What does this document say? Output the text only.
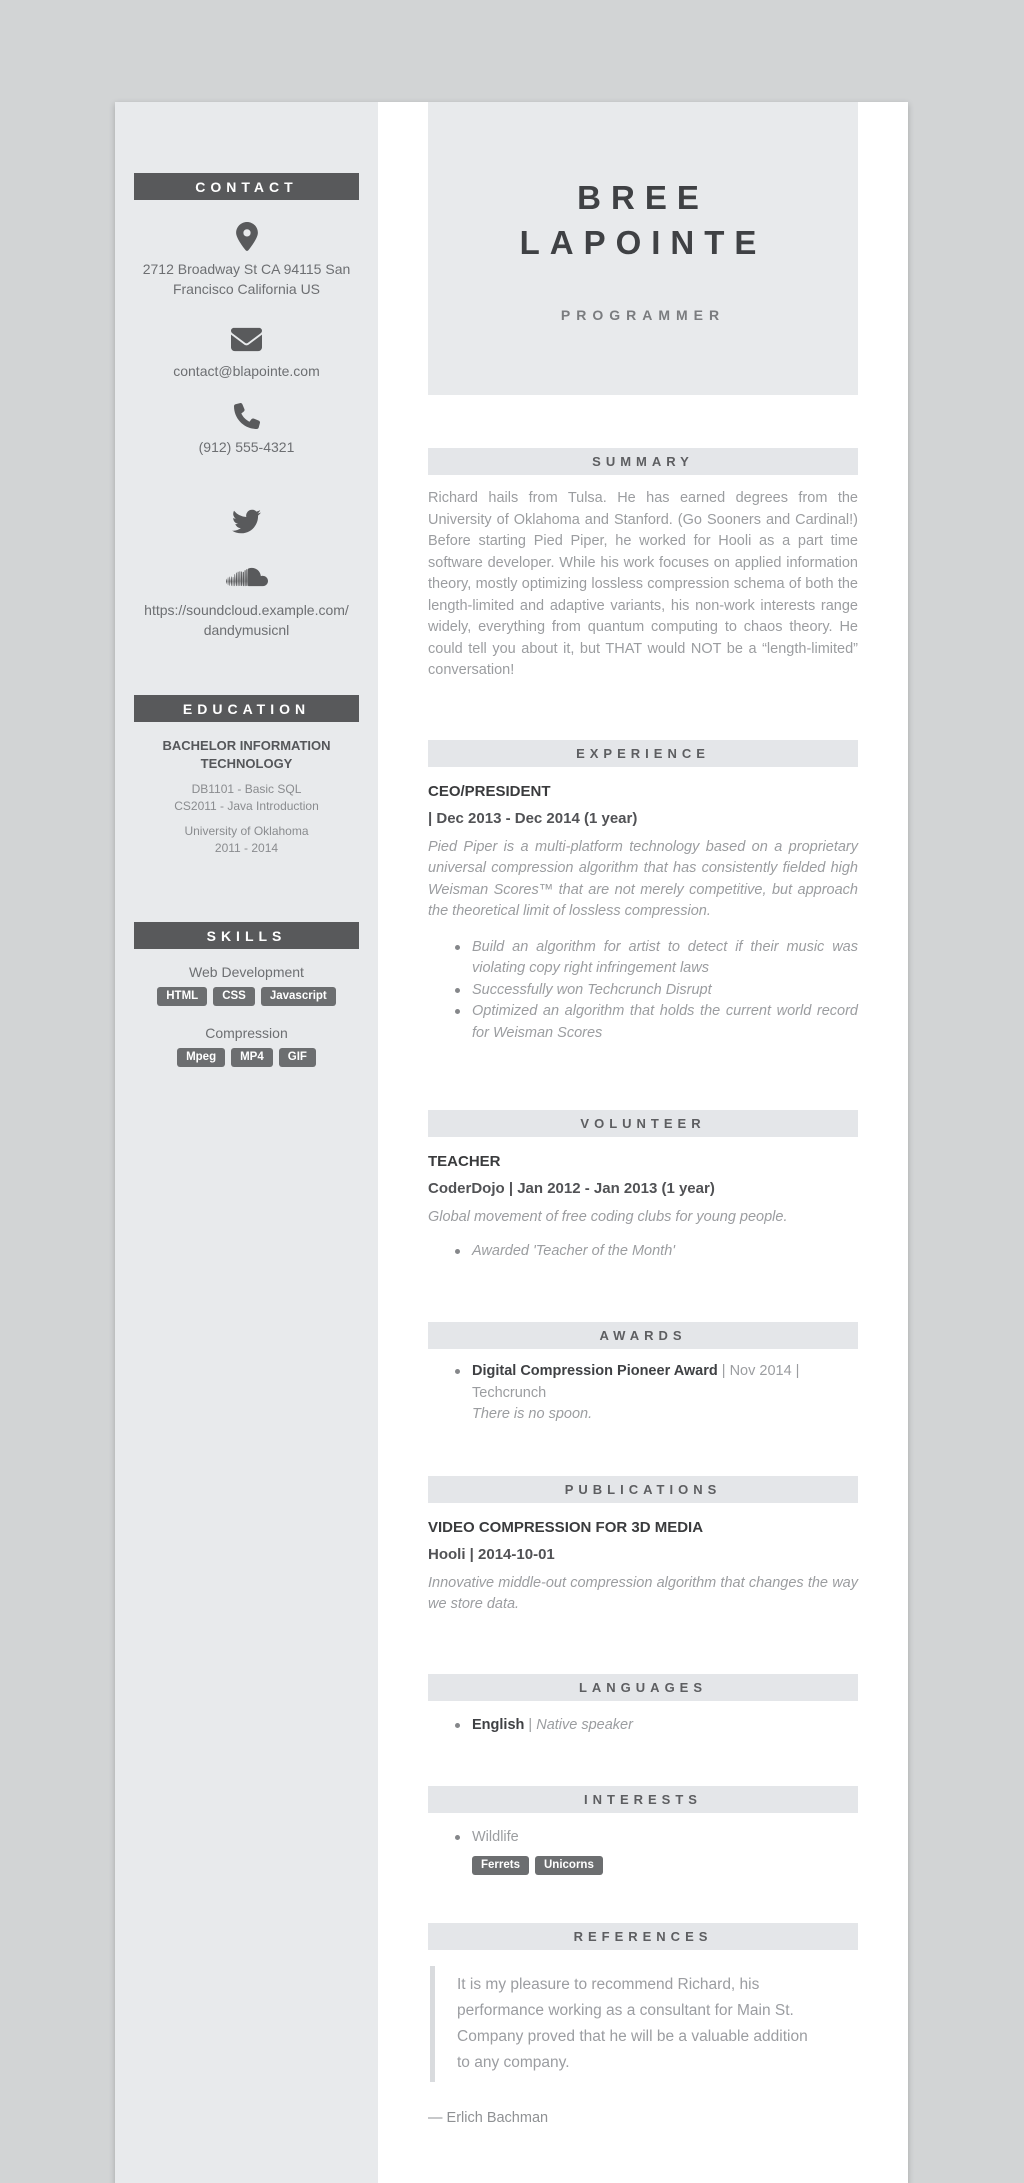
CONTACT
2712 Broadway St CA 94115 San Francisco California US
contact@blapointe.com
(912) 555-4321
https://soundcloud.example.com/
dandymusicnl
EDUCATION
BACHELOR INFORMATION TECHNOLOGY
DB1101 - Basic SQL
CS2011 - Java Introduction
University of Oklahoma
2011 - 2014
SKILLS
Web Development
HTML CSS Javascript
Compression
Mpeg MP4 GIF
BREE LAPOINTE
PROGRAMMER
SUMMARY

Richard hails from Tulsa. He has earned degrees from the University of Oklahoma and Stanford. (Go Sooners and Cardinal!) Before starting Pied Piper, he worked for Hooli as a part time software developer. While his work focuses on applied information theory, mostly optimizing lossless compression schema of both the length-limited and adaptive variants, his non-work interests range widely, everything from quantum computing to chaos theory. He could tell you about it, but THAT would NOT be a “length-limited” conversation!

EXPERIENCE
CEO/PRESIDENT
| Dec 2013 - Dec 2014 (1 year)

Pied Piper is a multi-platform technology based on a proprietary universal compression algorithm that has consistently fielded high Weisman Scores™ that are not merely competitive, but approach the theoretical limit of lossless compression.

Build an algorithm for artist to detect if their music was violating copy right infringement laws
Successfully won Techcrunch Disrupt
Optimized an algorithm that holds the current world record for Weisman Scores
VOLUNTEER
TEACHER
CoderDojo | Jan 2012 - Jan 2013 (1 year)

Global movement of free coding clubs for young people.

Awarded 'Teacher of the Month'
AWARDS
Digital Compression Pioneer Award | Nov 2014 | Techcrunch
There is no spoon.
PUBLICATIONS
VIDEO COMPRESSION FOR 3D MEDIA
Hooli | 2014-10-01

Innovative middle-out compression algorithm that changes the way we store data.

LANGUAGES
English | Native speaker
INTERESTS
Wildlife
Ferrets Unicorns
REFERENCES
It is my pleasure to recommend Richard, his performance working as a consultant for Main St. Company proved that he will be a valuable addition to any company.
— Erlich Bachman
